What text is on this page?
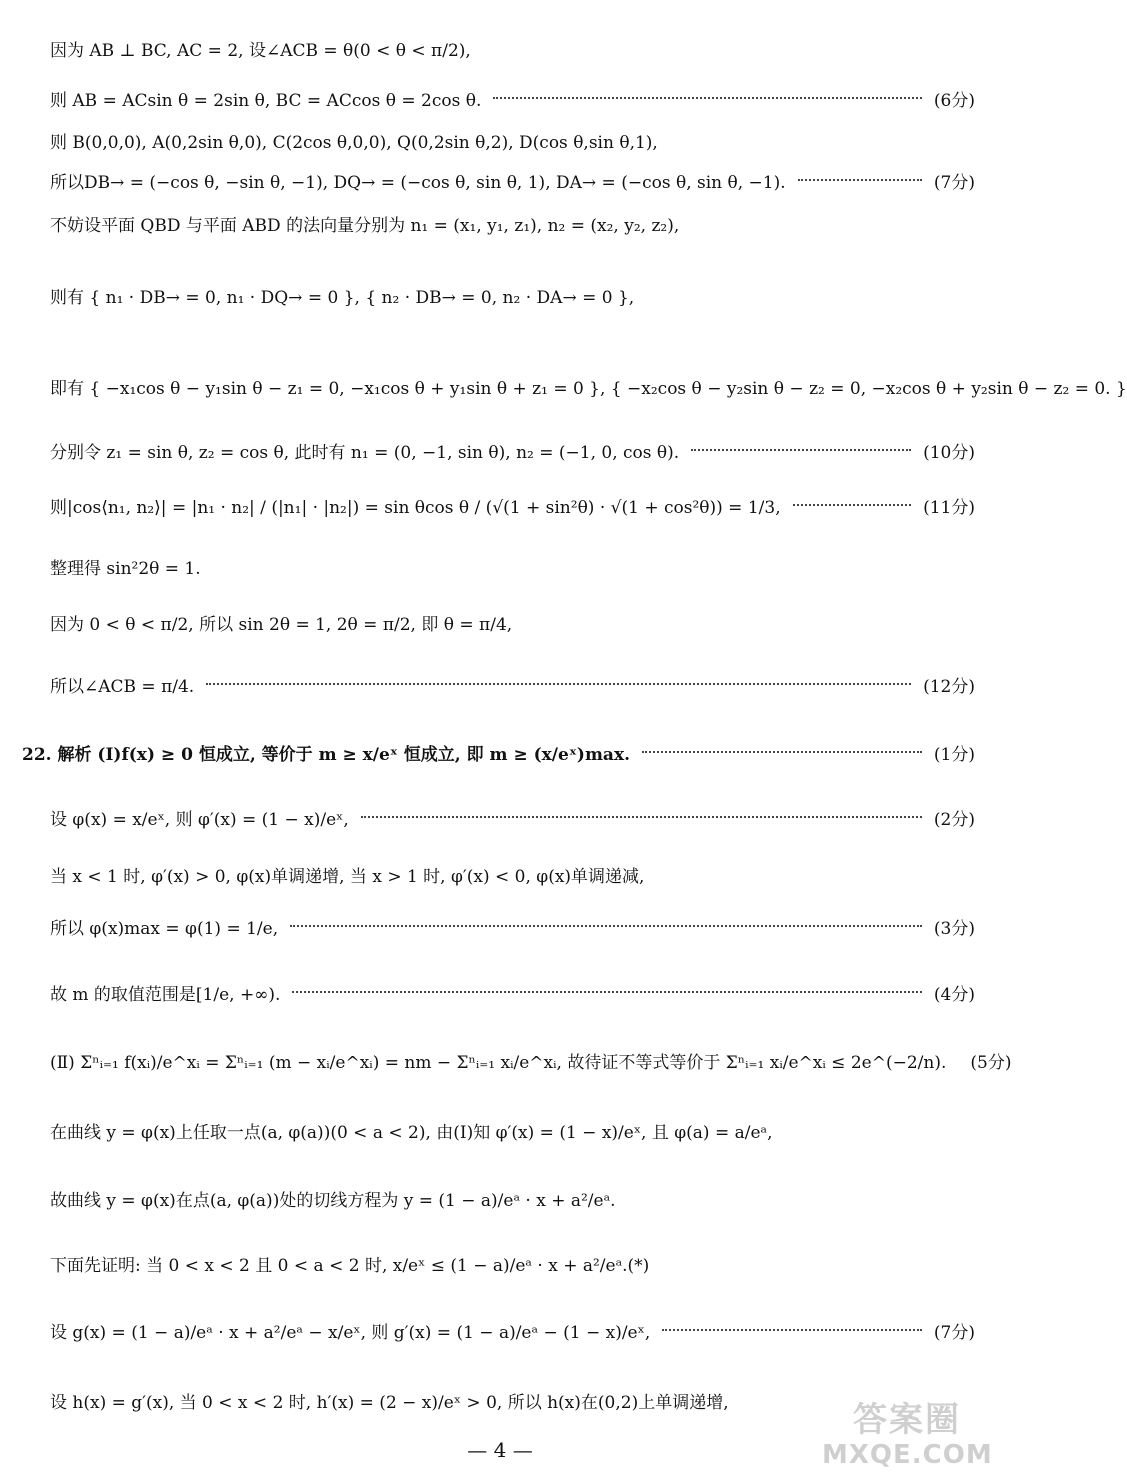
因为 AB ⊥ BC, AC = 2, 设∠ACB = θ(0 < θ < π/2),
则 AB = ACsin θ = 2sin θ, BC = ACcos θ = 2cos θ.	(6分)
则 B(0,0,0), A(0,2sin θ,0), C(2cos θ,0,0), Q(0,2sin θ,2), D(cos θ,sin θ,1),
所以DB→ = (−cos θ, −sin θ, −1), DQ→ = (−cos θ, sin θ, 1), DA→ = (−cos θ, sin θ, −1).	(7分)
不妨设平面 QBD 与平面 ABD 的法向量分别为 n₁ = (x₁, y₁, z₁), n₂ = (x₂, y₂, z₂),
则有 { n₁ · DB→ = 0, n₁ · DQ→ = 0 }, { n₂ · DB→ = 0, n₂ · DA→ = 0 },
即有 { −x₁cos θ − y₁sin θ − z₁ = 0, −x₁cos θ + y₁sin θ + z₁ = 0 }, { −x₂cos θ − y₂sin θ − z₂ = 0, −x₂cos θ + y₂sin θ − z₂ = 0. }
分别令 z₁ = sin θ, z₂ = cos θ, 此时有 n₁ = (0, −1, sin θ), n₂ = (−1, 0, cos θ).	(10分)
则|cos⟨n₁, n₂⟩| = |n₁ · n₂| / (|n₁| · |n₂|) = sin θcos θ / (√(1 + sin²θ) · √(1 + cos²θ)) = 1/3,	(11分)
整理得 sin²2θ = 1.
因为 0 < θ < π/2, 所以 sin 2θ = 1, 2θ = π/2, 即 θ = π/4,
所以∠ACB = π/4.	(12分)
22. 解析 (Ⅰ)f(x) ≥ 0 恒成立, 等价于 m ≥ x/eˣ 恒成立, 即 m ≥ (x/eˣ)max.	(1分)
设 φ(x) = x/eˣ, 则 φ′(x) = (1 − x)/eˣ,	(2分)
当 x < 1 时, φ′(x) > 0, φ(x)单调递增, 当 x > 1 时, φ′(x) < 0, φ(x)单调递减,
所以 φ(x)max = φ(1) = 1/e,	(3分)
故 m 的取值范围是[1/e, +∞).	(4分)
(Ⅱ) Σⁿᵢ₌₁ f(xᵢ)/e^xᵢ = Σⁿᵢ₌₁ (m − xᵢ/e^xᵢ) = nm − Σⁿᵢ₌₁ xᵢ/e^xᵢ, 故待证不等式等价于 Σⁿᵢ₌₁ xᵢ/e^xᵢ ≤ 2e^(−2/n). (5分)
在曲线 y = φ(x)上任取一点(a, φ(a))(0 < a < 2), 由(Ⅰ)知 φ′(x) = (1 − x)/eˣ, 且 φ(a) = a/eᵃ,
故曲线 y = φ(x)在点(a, φ(a))处的切线方程为 y = (1 − a)/eᵃ · x + a²/eᵃ.
下面先证明: 当 0 < x < 2 且 0 < a < 2 时, x/eˣ ≤ (1 − a)/eᵃ · x + a²/eᵃ.(*)
设 g(x) = (1 − a)/eᵃ · x + a²/eᵃ − x/eˣ, 则 g′(x) = (1 − a)/eᵃ − (1 − x)/eˣ,	(7分)
设 h(x) = g′(x), 当 0 < x < 2 时, h′(x) = (2 − x)/eˣ > 0, 所以 h(x)在(0,2)上单调递增,
— 4 —
答案圈
MXQE.COM
